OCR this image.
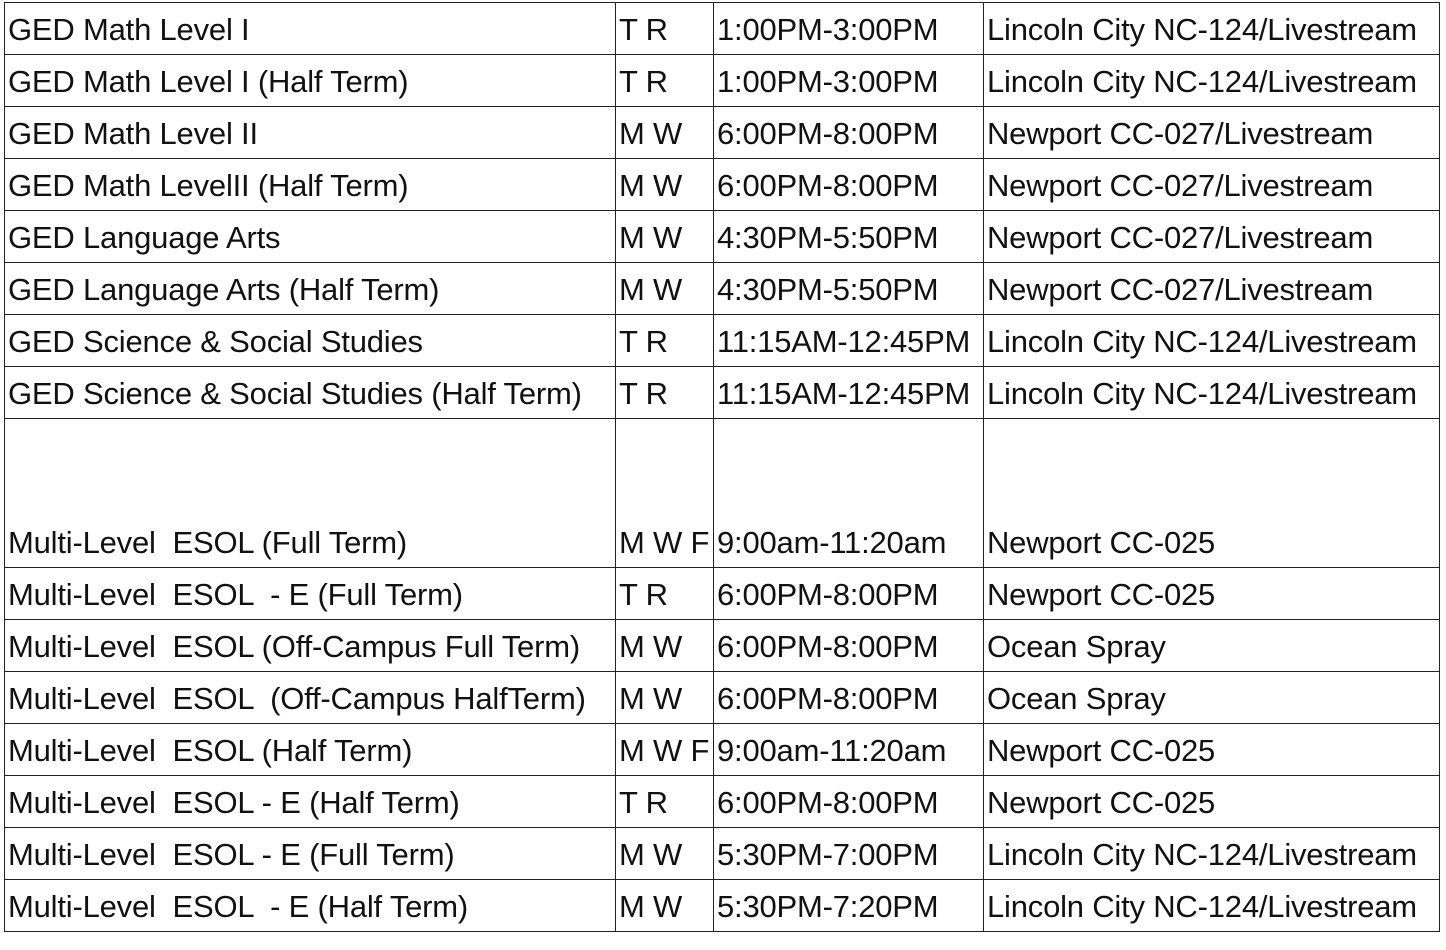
GED Math Level I	T R	1:00PM-3:00PM	Lincoln City NC-124/Livestream

GED Math Level I (Half Term)	T R	1:00PM-3:00PM	Lincoln City NC-124/Livestream

GED Math Level II	M W	6:00PM-8:00PM	Newport CC-027/Livestream

GED Math LevelII (Half Term)	M W	6:00PM-8:00PM	Newport CC-027/Livestream

GED Language Arts	M W	4:30PM-5:50PM	Newport CC-027/Livestream

GED Language Arts (Half Term)	M W	4:30PM-5:50PM	Newport CC-027/Livestream

GED Science & Social Studies	T R	11:15AM-12:45PM	Lincoln City NC-124/Livestream

GED Science & Social Studies (Half Term)	T R	11:15AM-12:45PM	Lincoln City NC-124/Livestream

Multi-Level  ESOL (Full Term)	M W F	9:00am-11:20am	Newport CC-025

Multi-Level  ESOL  - E (Full Term)	T R	6:00PM-8:00PM	Newport CC-025

Multi-Level  ESOL (Off-Campus Full Term)	M W	6:00PM-8:00PM	Ocean Spray

Multi-Level  ESOL  (Off-Campus HalfTerm)	M W	6:00PM-8:00PM	Ocean Spray

Multi-Level  ESOL (Half Term)	M W F	9:00am-11:20am	Newport CC-025

Multi-Level  ESOL - E (Half Term)	T R	6:00PM-8:00PM	Newport CC-025

Multi-Level  ESOL - E (Full Term)	M W	5:30PM-7:00PM	Lincoln City NC-124/Livestream

Multi-Level  ESOL  - E (Half Term)	M W	5:30PM-7:20PM	Lincoln City NC-124/Livestream
